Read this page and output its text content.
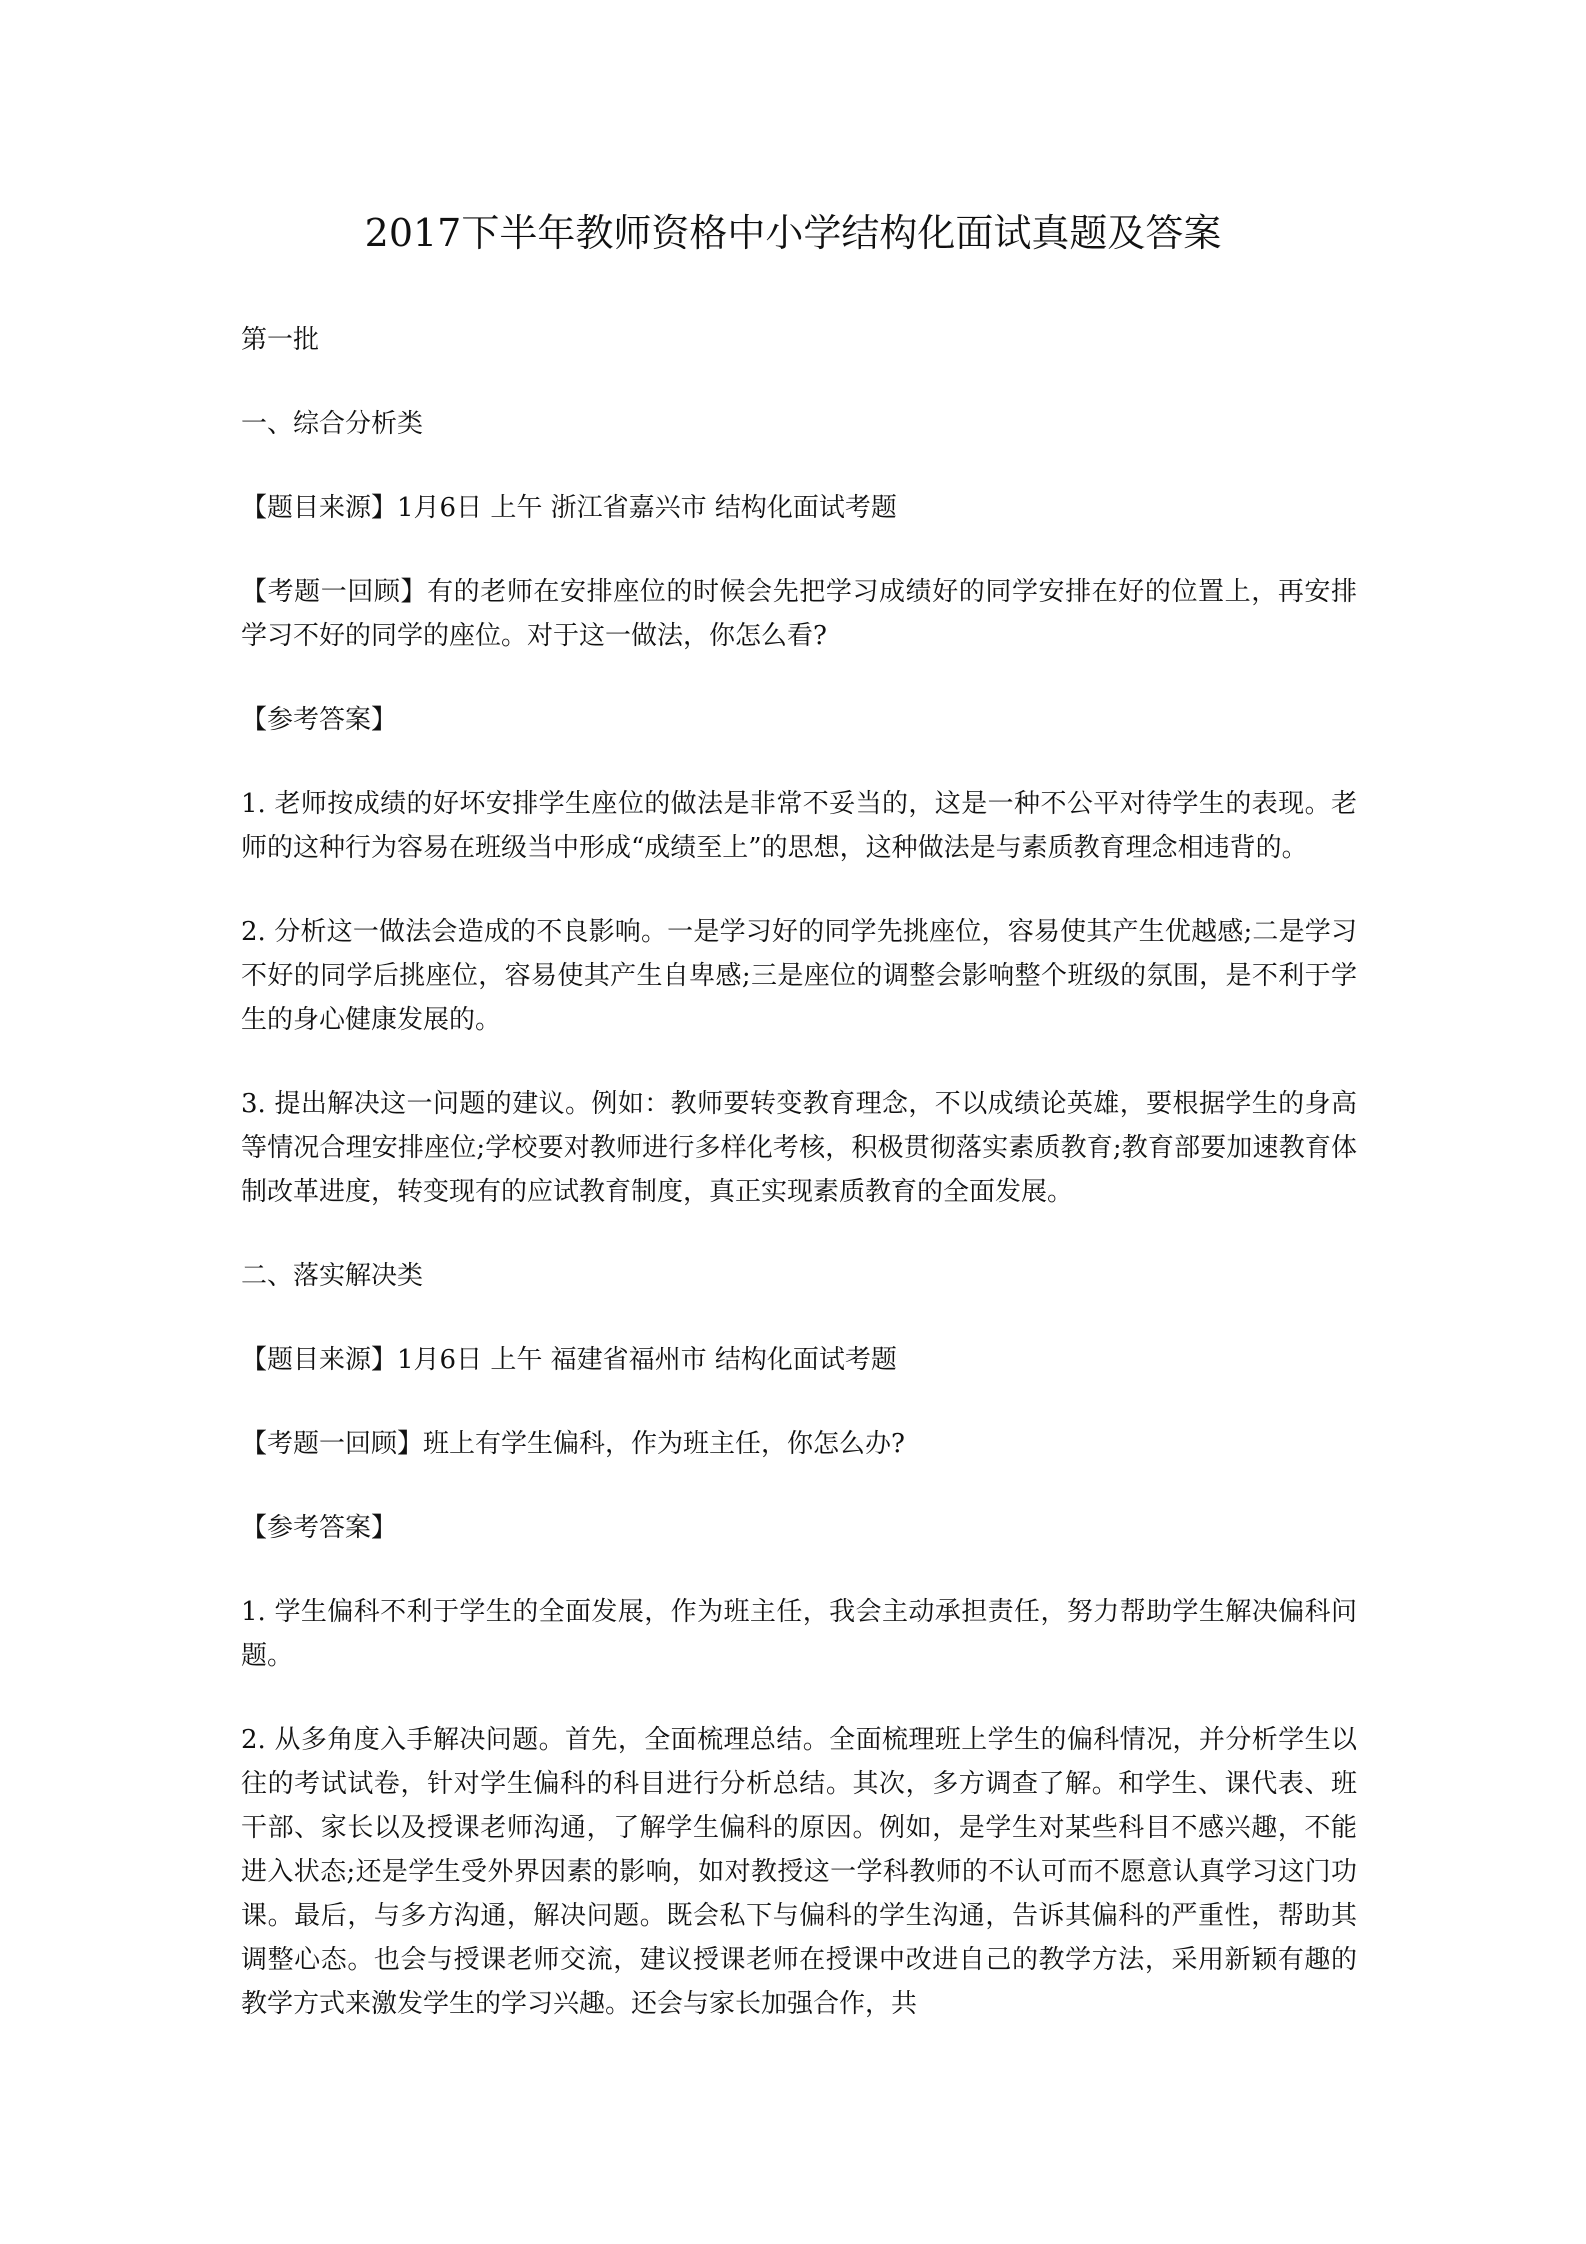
2017下半年教师资格中小学结构化面试真题及答案

第一批

一、综合分析类

【题目来源】1月6日 上午 浙江省嘉兴市 结构化面试考题

【考题一回顾】有的老师在安排座位的时候会先把学习成绩好的同学安排在好的位置上，再安排学习不好的同学的座位。对于这一做法，你怎么看?

【参考答案】

1. 老师按成绩的好坏安排学生座位的做法是非常不妥当的，这是一种不公平对待学生的表现。老师的这种行为容易在班级当中形成“成绩至上”的思想，这种做法是与素质教育理念相违背的。

2. 分析这一做法会造成的不良影响。一是学习好的同学先挑座位，容易使其产生优越感;二是学习不好的同学后挑座位，容易使其产生自卑感;三是座位的调整会影响整个班级的氛围，是不利于学生的身心健康发展的。

3. 提出解决这一问题的建议。例如：教师要转变教育理念，不以成绩论英雄，要根据学生的身高等情况合理安排座位;学校要对教师进行多样化考核，积极贯彻落实素质教育;教育部要加速教育体制改革进度，转变现有的应试教育制度，真正实现素质教育的全面发展。

二、落实解决类

【题目来源】1月6日 上午 福建省福州市 结构化面试考题

【考题一回顾】班上有学生偏科，作为班主任，你怎么办?

【参考答案】

1. 学生偏科不利于学生的全面发展，作为班主任，我会主动承担责任，努力帮助学生解决偏科问题。

2. 从多角度入手解决问题。首先，全面梳理总结。全面梳理班上学生的偏科情况，并分析学生以往的考试试卷，针对学生偏科的科目进行分析总结。其次，多方调查了解。和学生、课代表、班干部、家长以及授课老师沟通，了解学生偏科的原因。例如，是学生对某些科目不感兴趣，不能进入状态;还是学生受外界因素的影响，如对教授这一学科教师的不认可而不愿意认真学习这门功课。最后，与多方沟通，解决问题。既会私下与偏科的学生沟通，告诉其偏科的严重性，帮助其调整心态。也会与授课老师交流，建议授课老师在授课中改进自己的教学方法，采用新颖有趣的教学方式来激发学生的学习兴趣。还会与家长加强合作，共
